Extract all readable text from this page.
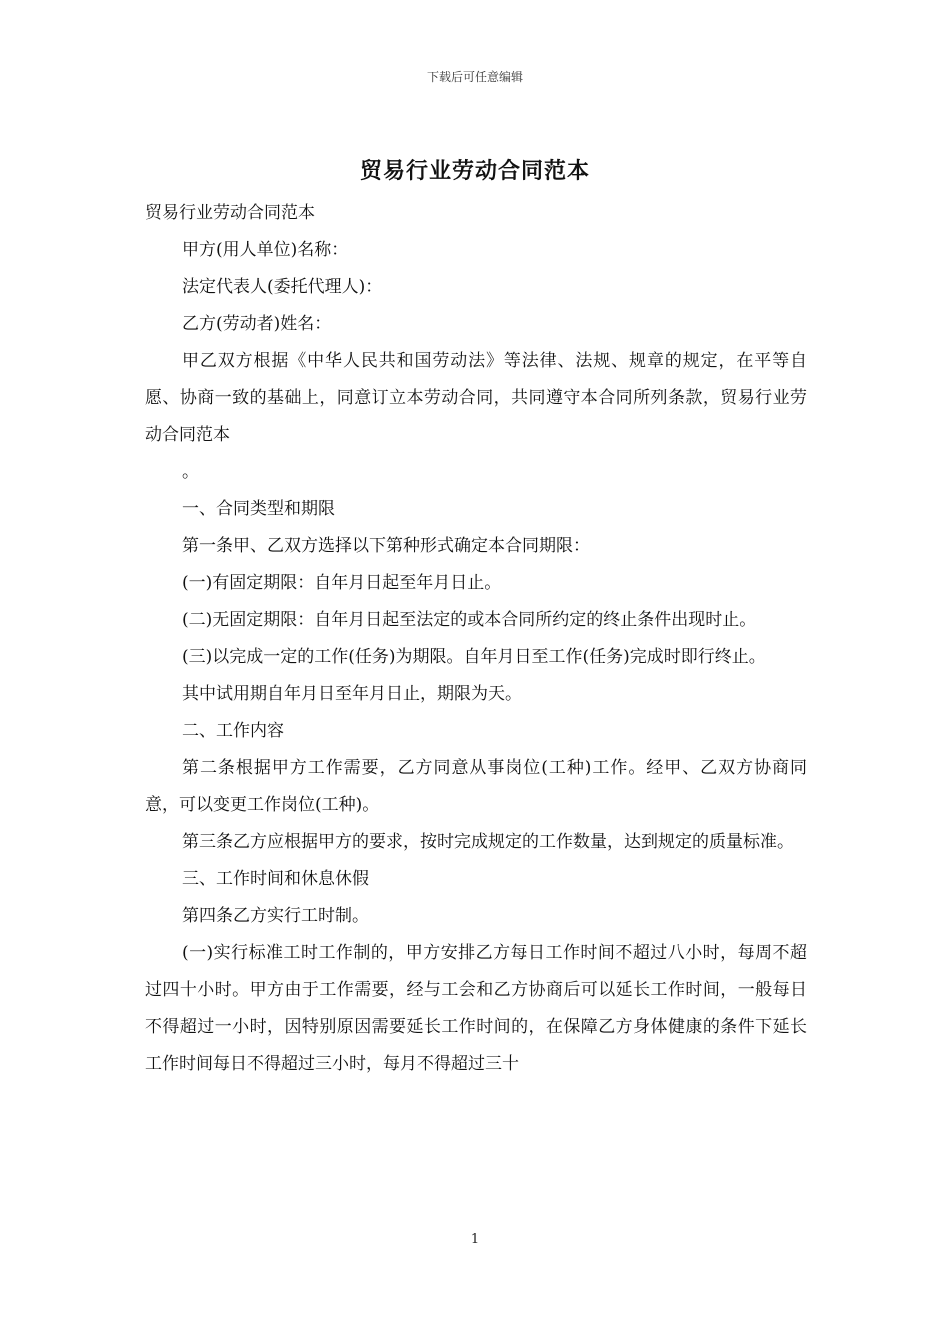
下载后可任意编辑
贸易行业劳动合同范本

贸易行业劳动合同范本

甲方(用人单位)名称：

法定代表人(委托代理人)：

乙方(劳动者)姓名：

甲乙双方根据《中华人民共和国劳动法》等法律、法规、规章的规定，在平等自愿、协商一致的基础上，同意订立本劳动合同，共同遵守本合同所列条款，贸易行业劳动合同范本

。

一、合同类型和期限

第一条甲、乙双方选择以下第种形式确定本合同期限：

(一)有固定期限：自年月日起至年月日止。

(二)无固定期限：自年月日起至法定的或本合同所约定的终止条件出现时止。

(三)以完成一定的工作(任务)为期限。自年月日至工作(任务)完成时即行终止。

其中试用期自年月日至年月日止，期限为天。

二、工作内容

第二条根据甲方工作需要，乙方同意从事岗位(工种)工作。经甲、乙双方协商同意，可以变更工作岗位(工种)。

第三条乙方应根据甲方的要求，按时完成规定的工作数量，达到规定的质量标准。

三、工作时间和休息休假

第四条乙方实行工时制。

(一)实行标准工时工作制的，甲方安排乙方每日工作时间不超过八小时，每周不超过四十小时。甲方由于工作需要，经与工会和乙方协商后可以延长工作时间，一般每日不得超过一小时，因特别原因需要延长工作时间的，在保障乙方身体健康的条件下延长工作时间每日不得超过三小时，每月不得超过三十

1
